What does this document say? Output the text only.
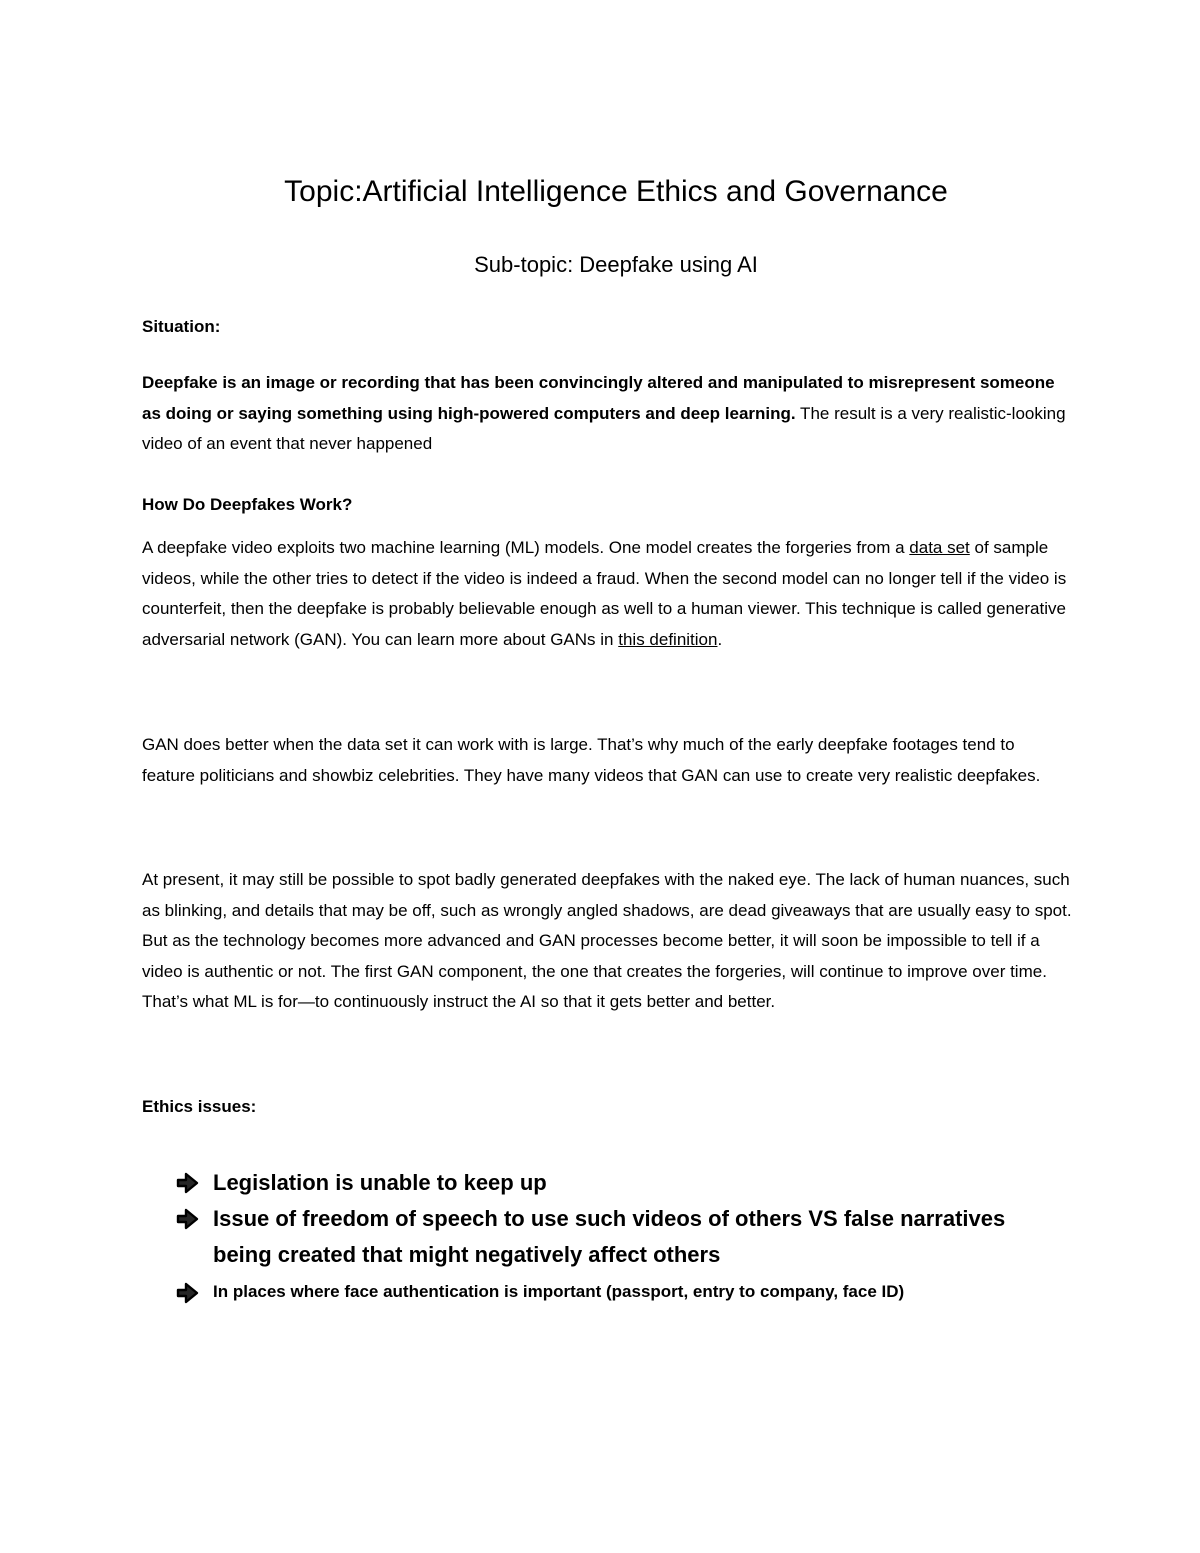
Topic:Artificial Intelligence Ethics and Governance
Sub-topic: Deepfake using AI
Situation:
Deepfake is an image or recording that has been convincingly altered and manipulated to misrepresent someone as doing or saying something using high-powered computers and deep learning. The result is a very realistic-looking video of an event that never happened
How Do Deepfakes Work?
A deepfake video exploits two machine learning (ML) models. One model creates the forgeries from a data set of sample videos, while the other tries to detect if the video is indeed a fraud. When the second model can no longer tell if the video is counterfeit, then the deepfake is probably believable enough as well to a human viewer. This technique is called generative adversarial network (GAN). You can learn more about GANs in this definition.
GAN does better when the data set it can work with is large. That’s why much of the early deepfake footages tend to feature politicians and showbiz celebrities. They have many videos that GAN can use to create very realistic deepfakes.
At present, it may still be possible to spot badly generated deepfakes with the naked eye. The lack of human nuances, such as blinking, and details that may be off, such as wrongly angled shadows, are dead giveaways that are usually easy to spot. But as the technology becomes more advanced and GAN processes become better, it will soon be impossible to tell if a video is authentic or not. The first GAN component, the one that creates the forgeries, will continue to improve over time. That’s what ML is for—to continuously instruct the AI so that it gets better and better.
Ethics issues:
Legislation is unable to keep up
Issue of freedom of speech to use such videos of others VS false narratives being created that might negatively affect others
In places where face authentication is important (passport, entry to company, face ID)
